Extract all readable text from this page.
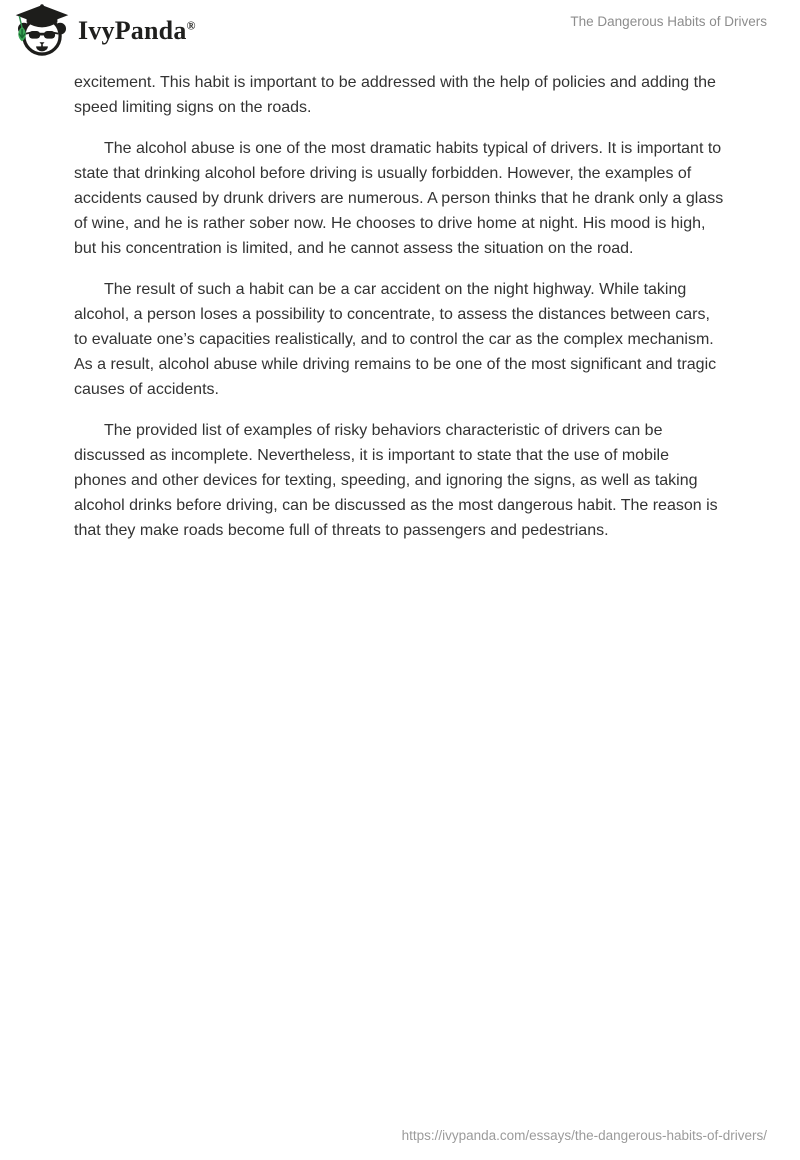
IvyPanda®	The Dangerous Habits of Drivers

excitement. This habit is important to be addressed with the help of policies and adding the speed limiting signs on the roads.

The alcohol abuse is one of the most dramatic habits typical of drivers. It is important to state that drinking alcohol before driving is usually forbidden. However, the examples of accidents caused by drunk drivers are numerous. A person thinks that he drank only a glass of wine, and he is rather sober now. He chooses to drive home at night. His mood is high, but his concentration is limited, and he cannot assess the situation on the road.

The result of such a habit can be a car accident on the night highway. While taking alcohol, a person loses a possibility to concentrate, to assess the distances between cars, to evaluate one’s capacities realistically, and to control the car as the complex mechanism. As a result, alcohol abuse while driving remains to be one of the most significant and tragic causes of accidents.

The provided list of examples of risky behaviors characteristic of drivers can be discussed as incomplete. Nevertheless, it is important to state that the use of mobile phones and other devices for texting, speeding, and ignoring the signs, as well as taking alcohol drinks before driving, can be discussed as the most dangerous habit. The reason is that they make roads become full of threats to passengers and pedestrians.

https://ivypanda.com/essays/the-dangerous-habits-of-drivers/
